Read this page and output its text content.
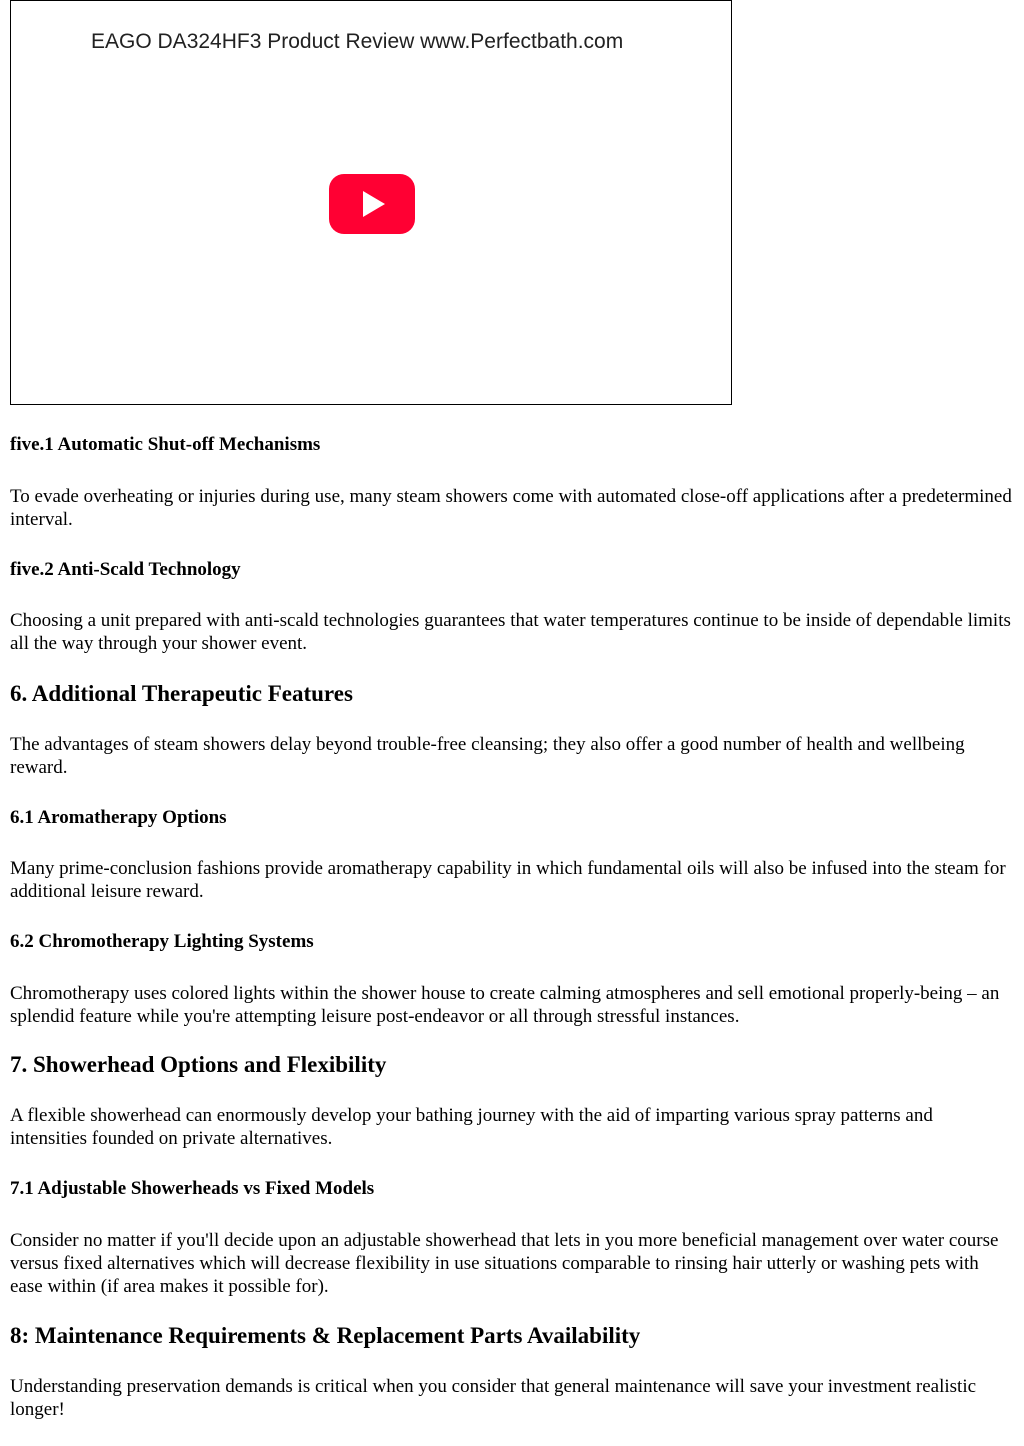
EAGO DA324HF3 Product Review www.Perfectbath.com
five.1 Automatic Shut-off Mechanisms

To evade overheating or injuries during use, many steam showers come with automated close-off applications after a predetermined interval.

five.2 Anti-Scald Technology

Choosing a unit prepared with anti-scald technologies guarantees that water temperatures continue to be inside of dependable limits all the way through your shower event.

6. Additional Therapeutic Features

The advantages of steam showers delay beyond trouble-free cleansing; they also offer a good number of health and wellbeing reward.

6.1 Aromatherapy Options

Many prime-conclusion fashions provide aromatherapy capability in which fundamental oils will also be infused into the steam for additional leisure reward.

6.2 Chromotherapy Lighting Systems

Chromotherapy uses colored lights within the shower house to create calming atmospheres and sell emotional properly-being – an splendid feature while you're attempting leisure post-endeavor or all through stressful instances.

7. Showerhead Options and Flexibility

A flexible showerhead can enormously develop your bathing journey with the aid of imparting various spray patterns and intensities founded on private alternatives.

7.1 Adjustable Showerheads vs Fixed Models

Consider no matter if you'll decide upon an adjustable showerhead that lets in you more beneficial management over water course versus fixed alternatives which will decrease flexibility in use situations comparable to rinsing hair utterly or washing pets with ease within (if area makes it possible for).

8: Maintenance Requirements & Replacement Parts Availability

Understanding preservation demands is critical when you consider that general maintenance will save your investment realistic longer!
